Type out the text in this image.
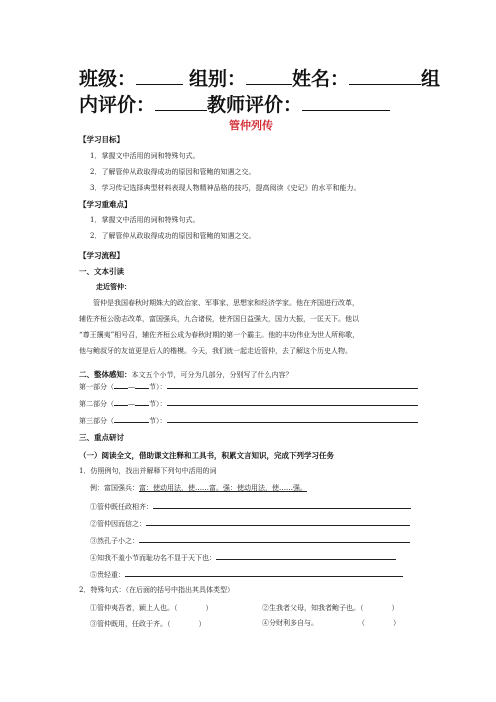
班级：	组别： 姓名：	组
内评价：	教师评价：
管仲列传
【学习目标】
1．掌握文中活用的词和特殊句式。
2．了解管仲从政取得成功的原因和管鲍的知遇之交。
3．学习传记选择典型材料表现人物精神品格的技巧，提高阅读《史记》的水平和能力。
【学习重难点】
1．掌握文中活用的词和特殊句式。
2．了解管仲从政取得成功的原因和管鲍的知遇之交。
【学习流程】
一、文本引读
走近管仲：
管仲是我国春秋时期姝大的政治家、军事家、思想家和经济学家。他在齐国进行改革，
辅佐齐桓公励志改革，富国强兵，九合诸侯，使齐国日益强大，国力大振，一匡天下。他以
“尊王攘夷”相号召，辅佐齐桓公成为春秋时期的第一个霸主。他的丰功伟业为世人所称歌，
他与鲍叔牙的友谊更是后人的楷模。今天，我们就一起走近管仲，去了解这个历史人物。
二、整体感知：本文五个小节，可分为几部分，分别写了什么内容？
第一部分（ — 节）：
第二部分（ — 节）：
第三部分（	节）：
三、重点研讨
（一）阅读全文，借助课文注释和工具书，积累文言知识，完成下列学习任务
1．仿照例句，找出并解释下列句中活用的词
例：富国强兵：富：使动用法，使……富。强：使动用法，使……强。
①管仲既任政相齐：
②管仲因而信之：
③然孔子小之：
④知我不羞小节而耻功名不显于天下也：
⑤贵轻重：
2．特殊句式：（在后面的括号中指出其具体类型）
①管仲夷吾者，颍上人也。（	）	②生我者父母，知我者鲍子也。（	）
③管仲既用，任政于齐。（	）	④分财利多自与。	（　　　　）
